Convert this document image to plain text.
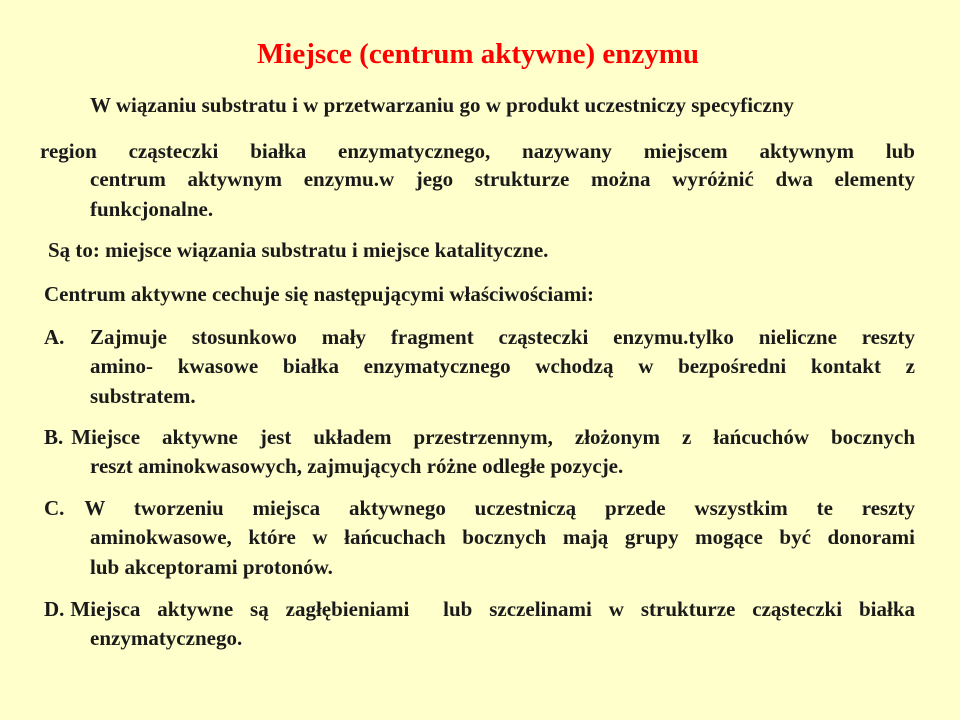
Miejsce (centrum aktywne) enzymu
W wiązaniu substratu i w przetwarzaniu go w produkt uczestniczy specyficzny
region cząsteczki białka enzymatycznego, nazywany miejscem aktywnym lub
centrum aktywnym enzymu.w jego strukturze można wyróżnić dwa elementy
funkcjonalne.
Są to: miejsce wiązania substratu i miejsce katalityczne.
Centrum aktywne cechuje się następującymi właściwościami:
A.	Zajmuje stosunkowo mały fragment cząsteczki enzymu.tylko nieliczne reszty
amino- kwasowe białka enzymatycznego wchodzą w bezpośredni kontakt z
substratem.
B. Miejsce aktywne jest układem przestrzennym, złożonym z łańcuchów bocznych
reszt aminokwasowych, zajmujących różne odległe pozycje.
C. W tworzeniu miejsca aktywnego uczestniczą przede wszystkim te reszty
aminokwasowe, które w łańcuchach bocznych mają grupy mogące być donorami
lub akceptorami protonów.
D. Miejsca aktywne są zagłębieniami  lub szczelinami w strukturze cząsteczki białka
enzymatycznego.
